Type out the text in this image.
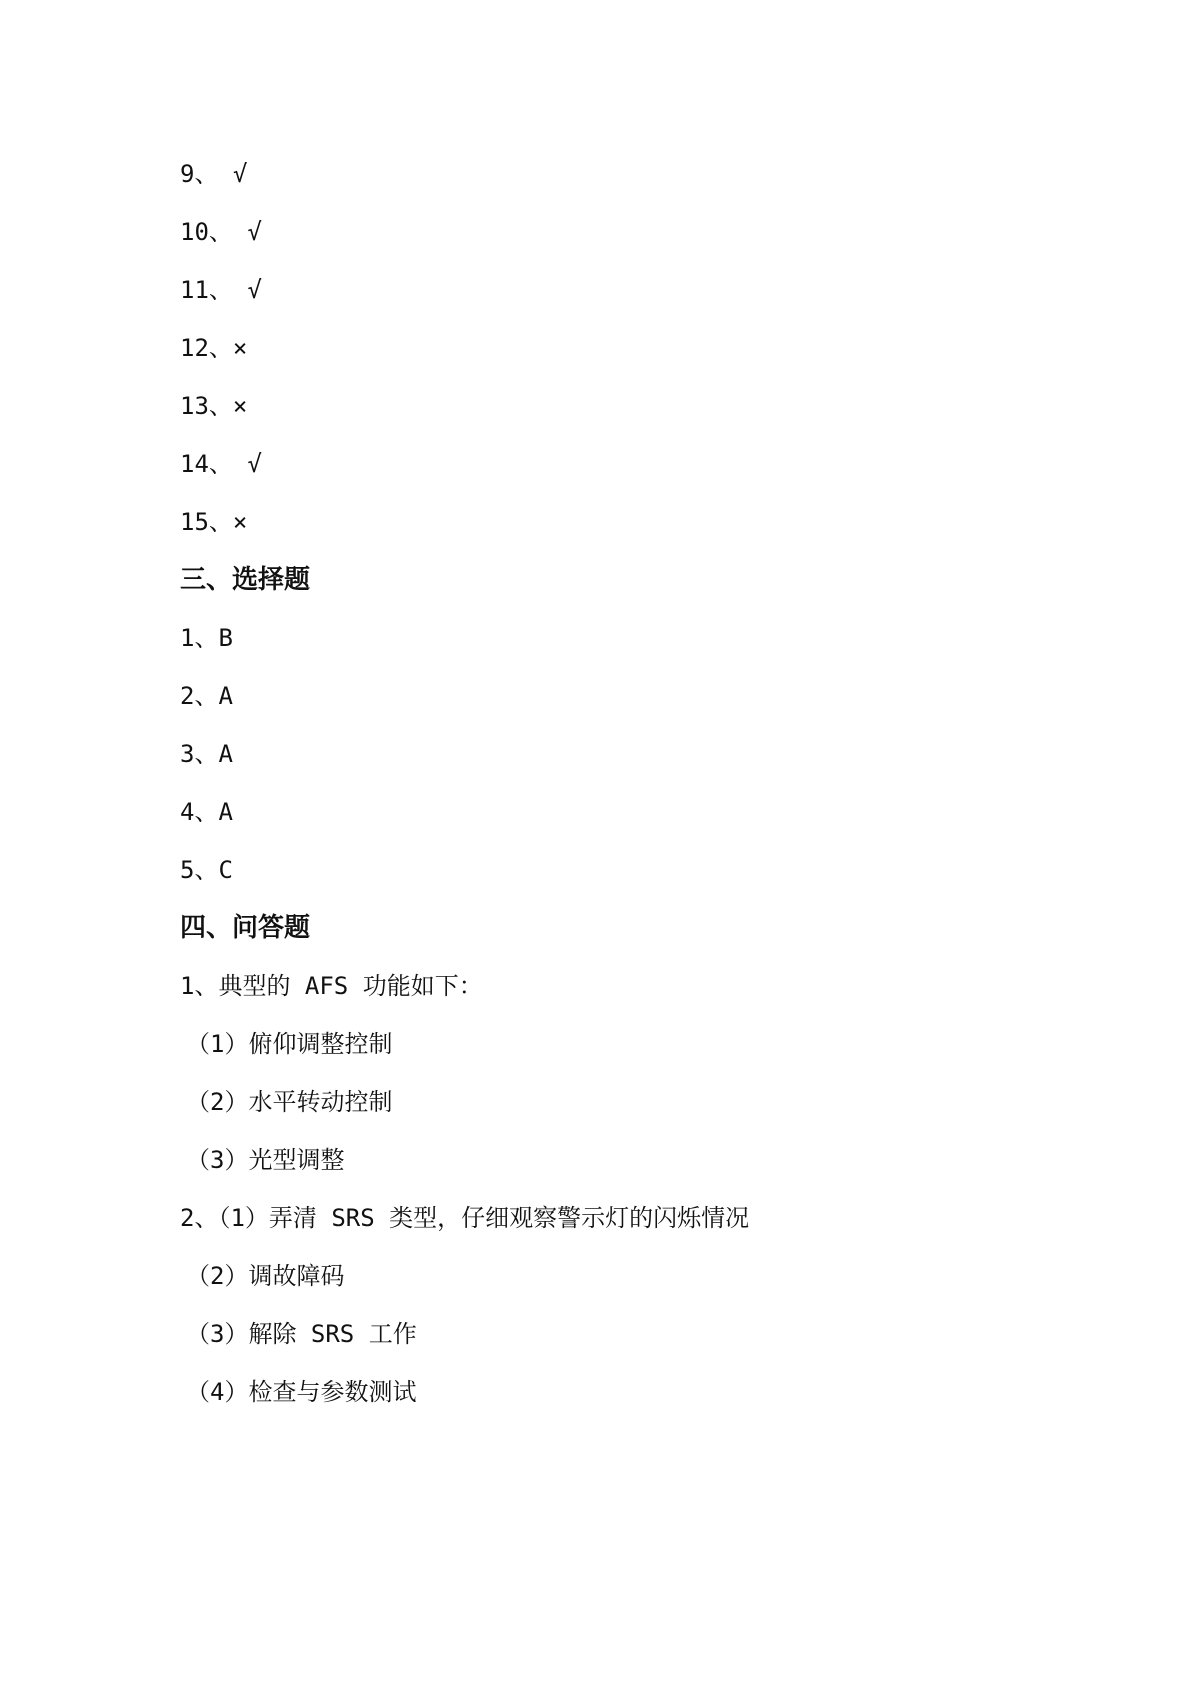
9、 √
10、 √
11、 √
12、×
13、×
14、 √
15、×
三、选择题
1、B
2、A
3、A
4、A
5、C
四、问答题
1、典型的 AFS 功能如下：
（1）俯仰调整控制
（2）水平转动控制
（3）光型调整
2、（1）弄清 SRS 类型，仔细观察警示灯的闪烁情况
（2）调故障码
（3）解除 SRS 工作
（4）检查与参数测试
